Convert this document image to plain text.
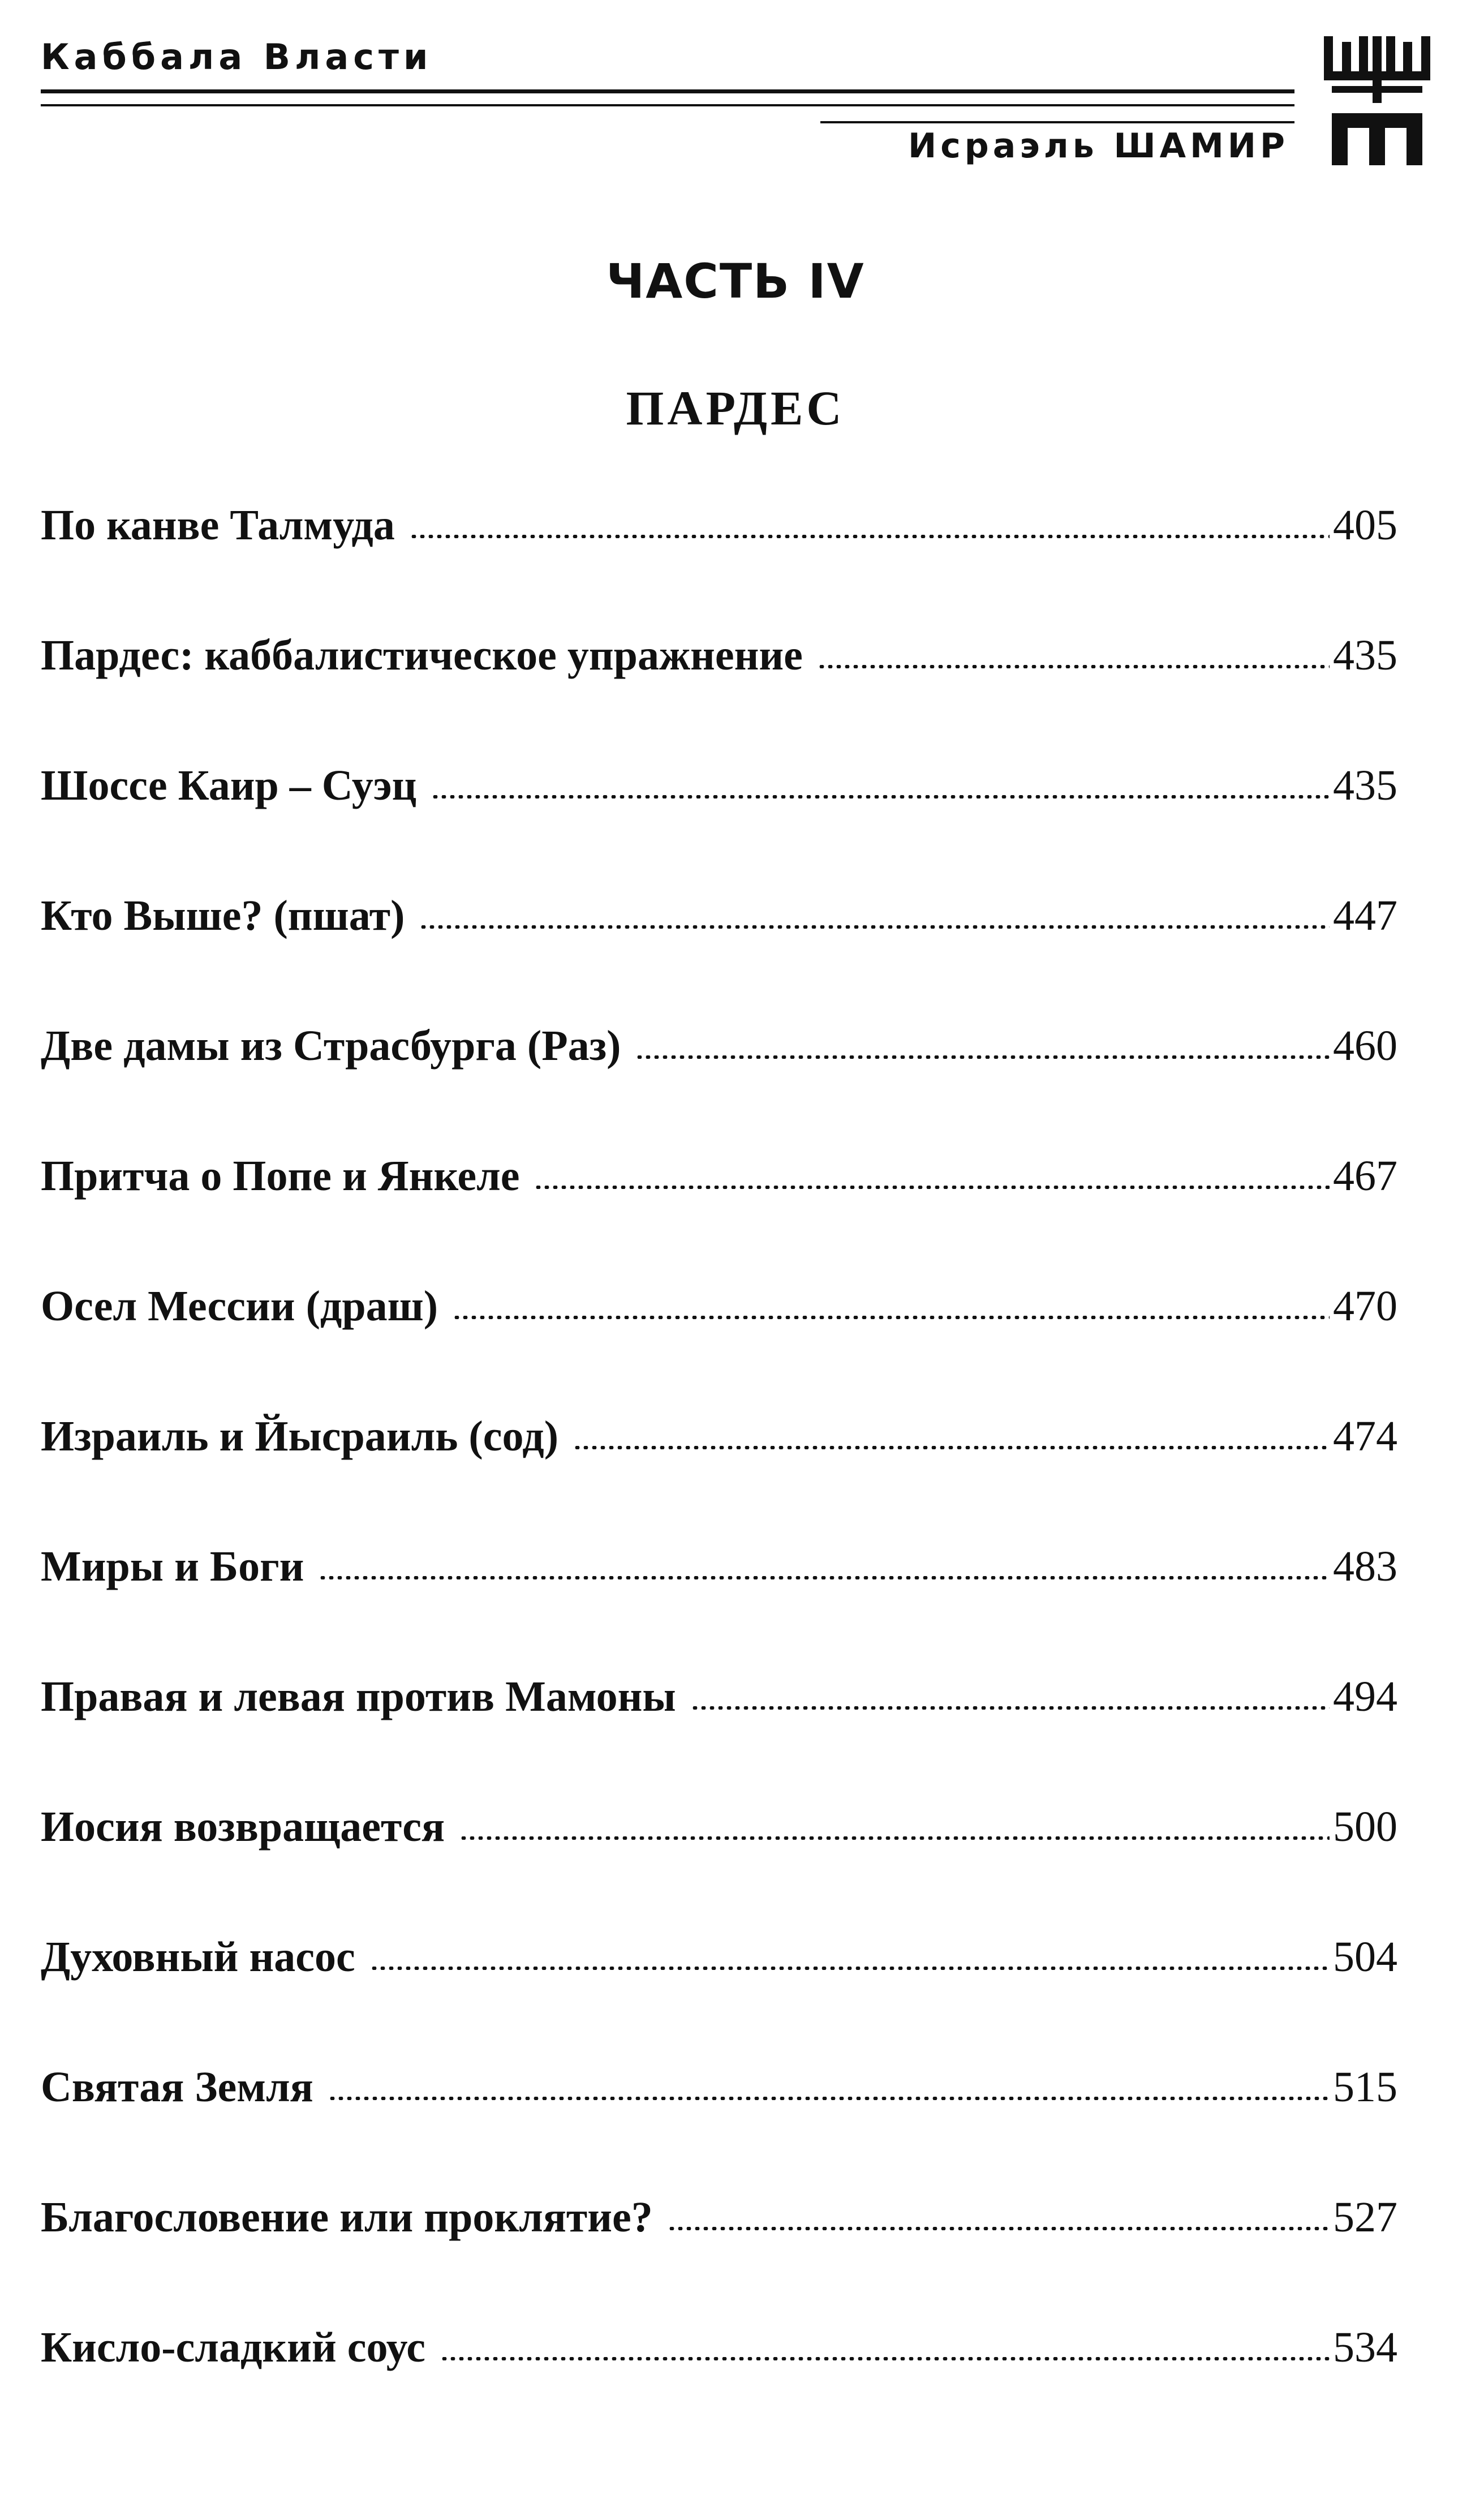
Каббала Власти
Исраэль ШАМИР
ЧАСТЬ IV
ПАРДЕС
По канве Талмуда	405
Пардес: каббалистическое упражнение	435
Шоссе Каир – Суэц	435
Кто Выше? (пшат)	447
Две дамы из Страсбурга (Раз)	460
Притча о Попе и Янкеле	467
Осел Мессии (драш)	470
Израиль и Йысраиль (сод)	474
Миры и Боги	483
Правая и левая против Мамоны	494
Иосия возвращается	500
Духовный насос	504
Святая Земля	515
Благословение или проклятие?	527
Кисло-сладкий соус	534
